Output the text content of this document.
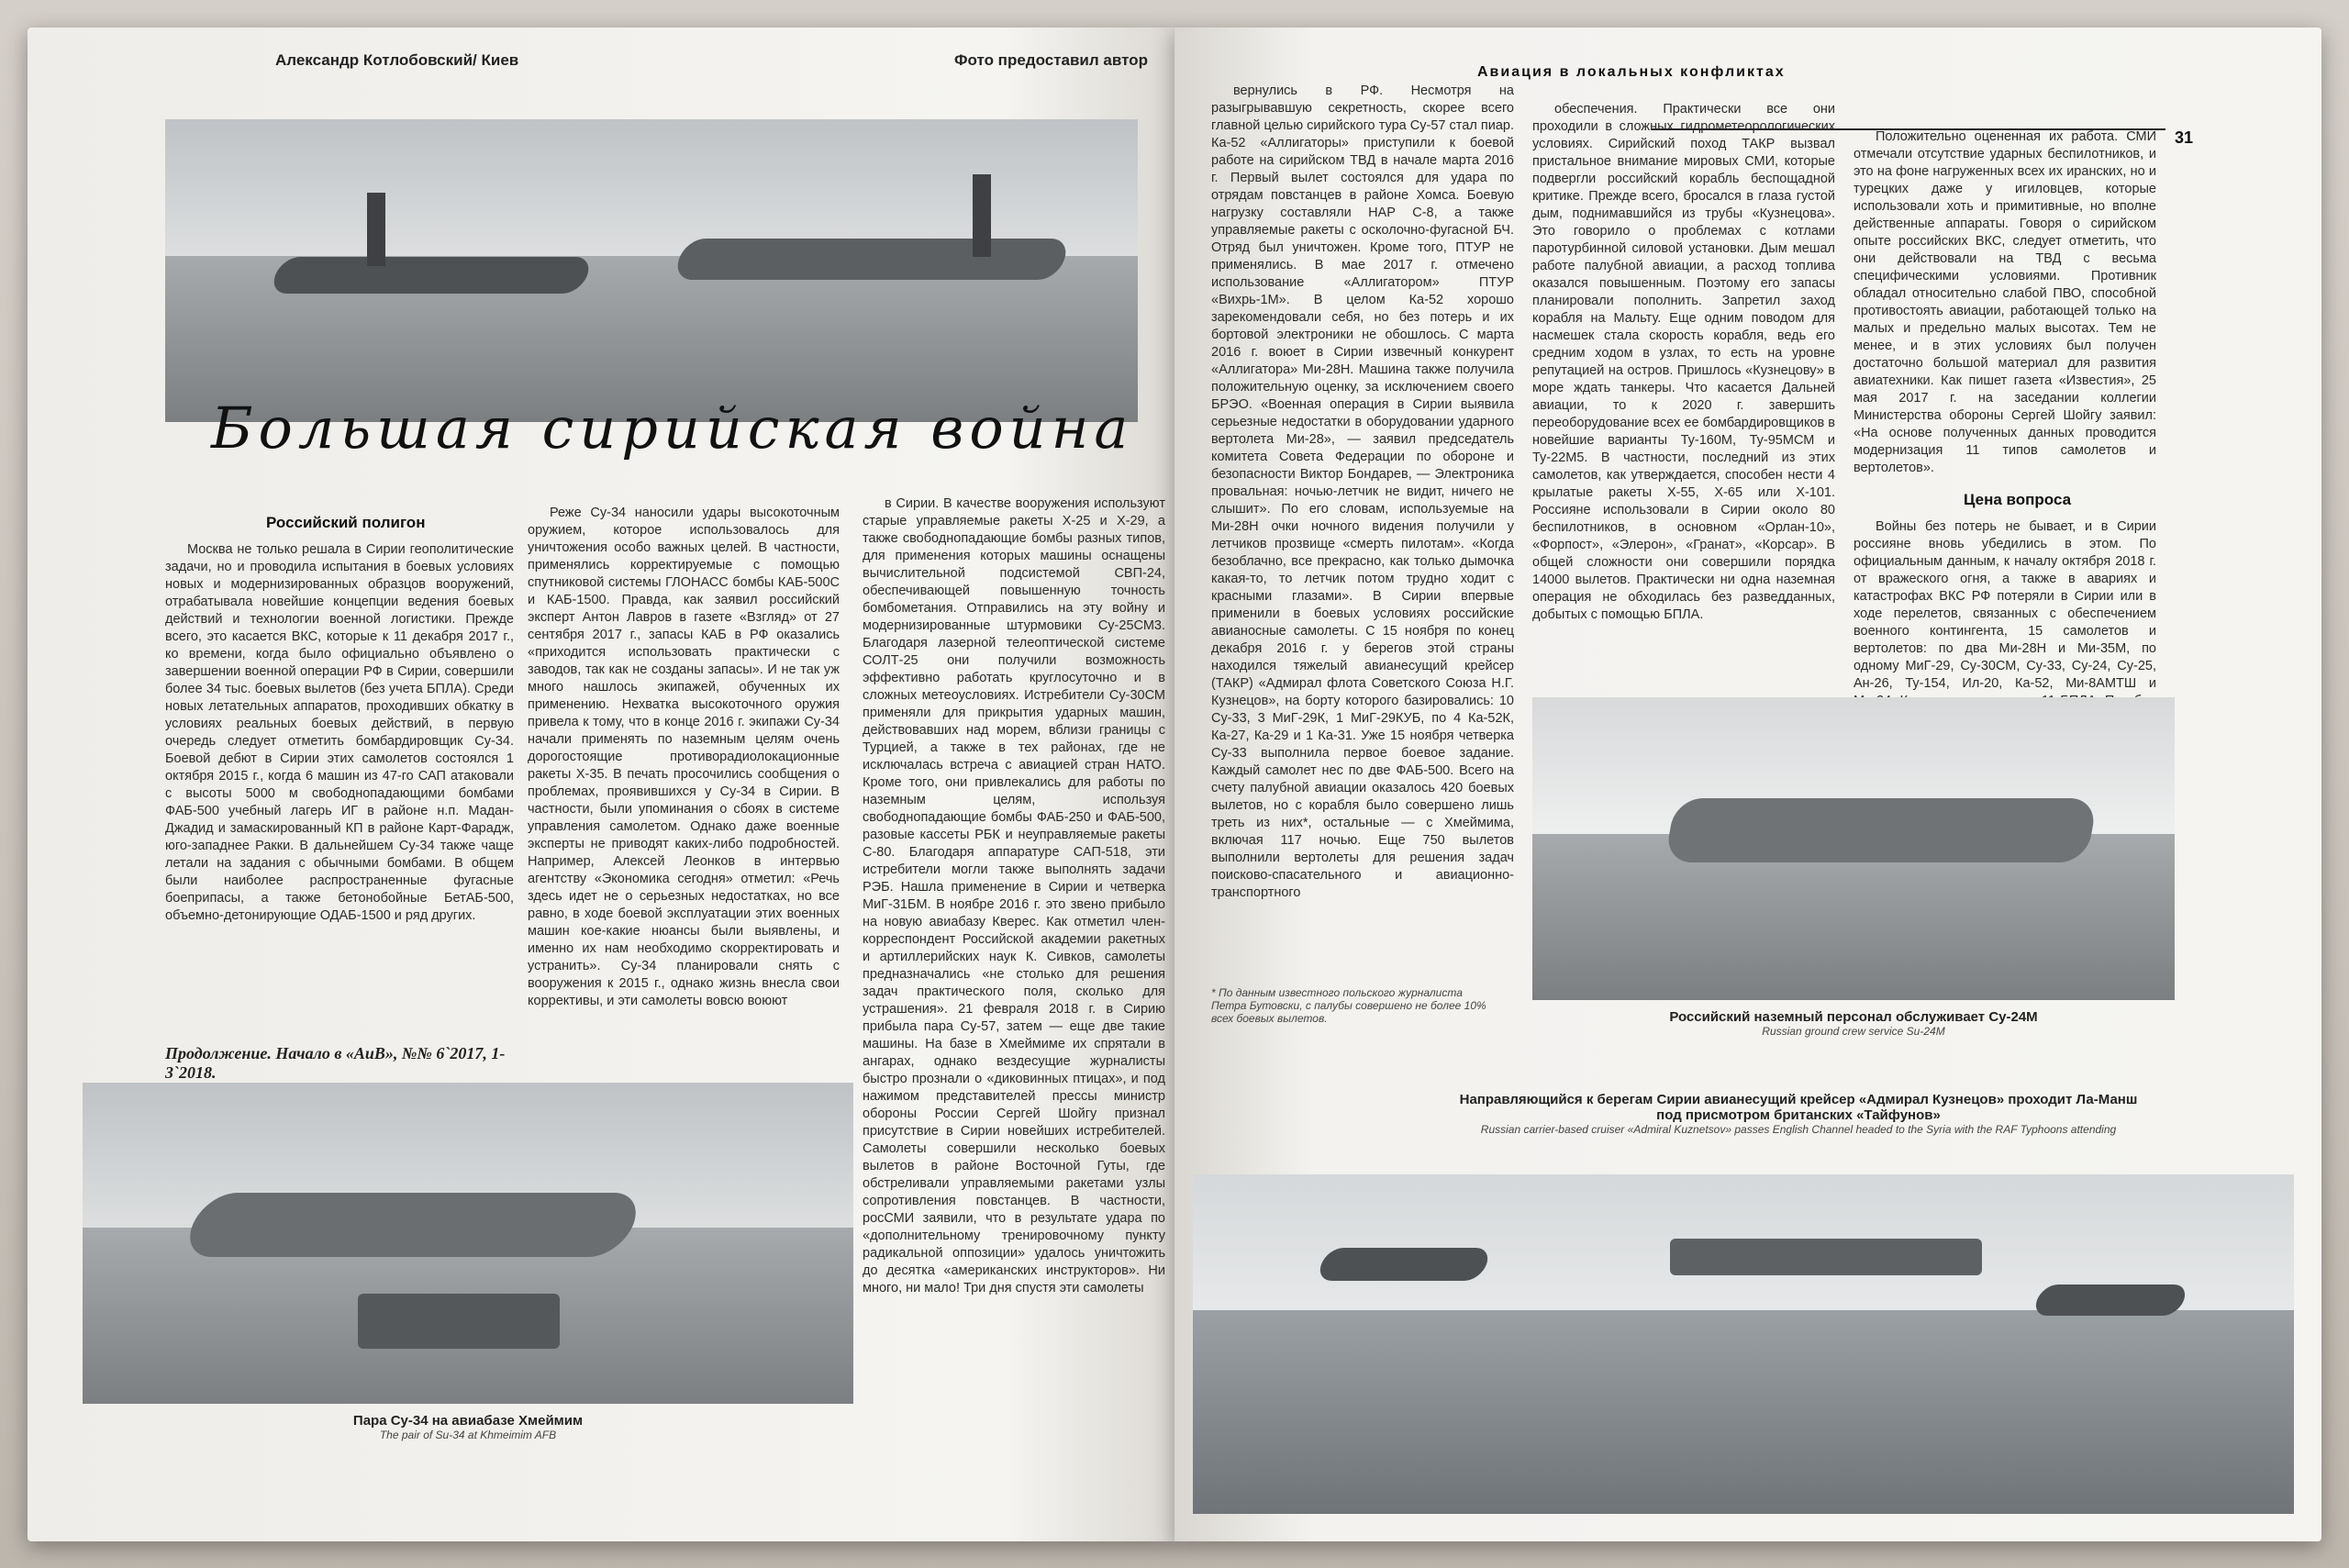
Александр Котлобовский/ Киев	Фото предоставил автор
Большая сирийская война
Российский полигон

Москва не только решала в Сирии геополитические задачи, но и проводила испытания в боевых условиях новых и модернизированных образцов вооружений, отрабатывала новейшие концепции ведения боевых действий и технологии военной логистики. Прежде всего, это касается ВКС, которые к 11 декабря 2017 г., ко времени, когда было официально объявлено о завершении военной операции РФ в Сирии, совершили более 34 тыс. боевых вылетов (без учета БПЛА). Среди новых летательных аппаратов, проходивших обкатку в условиях реальных боевых действий, в первую очередь следует отметить бомбардировщик Су-34. Боевой дебют в Сирии этих самолетов состоялся 1 октября 2015 г., когда 6 машин из 47-го САП атаковали с высоты 5000 м свободнопадающими бомбами ФАБ-500 учебный лагерь ИГ в районе н.п. Мадан-Джадид и замаскированный КП в районе Карт-Фарадж, юго-западнее Ракки. В дальнейшем Су-34 также чаще летали на задания с обычными бомбами. В общем были наиболее распространенные фугасные боеприпасы, а также бетонобойные БетАБ-500, объемно-детонирующие ОДАБ-1500 и ряд других.

Продолжение. Начало в «АиВ», №№ 6`2017, 1-3`2018.

Реже Су-34 наносили удары высокоточным оружием, которое использовалось для уничтожения особо важных целей. В частности, применялись корректируемые с помощью спутниковой системы ГЛОНАСС бомбы КАБ-500С и КАБ-1500. Правда, как заявил российский эксперт Антон Лавров в газете «Взгляд» от 27 сентября 2017 г., запасы КАБ в РФ оказались «приходится использовать практически с заводов, так как не созданы запасы». И не так уж много нашлось экипажей, обученных их применению. Нехватка высокоточного оружия привела к тому, что в конце 2016 г. экипажи Су-34 начали применять по наземным целям очень дорогостоящие противорадиолокационные ракеты Х-35. В печать просочились сообщения о проблемах, проявившихся у Су-34 в Сирии. В частности, были упоминания о сбоях в системе управления самолетом. Однако даже военные эксперты не приводят каких-либо подробностей. Например, Алексей Леонков в интервью агентству «Экономика сегодня» отметил: «Речь здесь идет не о серьезных недостатках, но все равно, в ходе боевой эксплуатации этих военных машин кое-какие нюансы были выявлены, и именно их нам необходимо скорректировать и устранить». Су-34 планировали снять с вооружения к 2015 г., однако жизнь внесла свои коррективы, и эти самолеты вовсю воюют

в Сирии. В качестве вооружения используют старые управляемые ракеты Х-25 и Х-29, а также свободнопадающие бомбы разных типов, для применения которых машины оснащены вычислительной подсистемой СВП-24, обеспечивающей повышенную точность бомбометания. Отправились на эту войну и модернизированные штурмовики Су-25СМ3. Благодаря лазерной телеоптической системе СОЛТ-25 они получили возможность эффективно работать круглосуточно и в сложных метеоусловиях. Истребители Су-30СМ применяли для прикрытия ударных машин, действовавших над морем, вблизи границы с Турцией, а также в тех районах, где не исключалась встреча с авиацией стран НАТО. Кроме того, они привлекались для работы по наземным целям, используя свободнопадающие бомбы ФАБ-250 и ФАБ-500, разовые кассеты РБК и неуправляемые ракеты С-80. Благодаря аппаратуре САП-518, эти истребители могли также выполнять задачи РЭБ. Нашла применение в Сирии и четверка МиГ-31БМ. В ноябре 2016 г. это звено прибыло на новую авиабазу Кверес. Как отметил член-корреспондент Российской академии ракетных и артиллерийских наук К. Сивков, самолеты предназначались «не столько для решения задач практического поля, сколько для устрашения». 21 февраля 2018 г. в Сирию прибыла пара Су-57, затем — еще две такие машины. На базе в Хмеймиме их спрятали в ангарах, однако вездесущие журналисты быстро прознали о «диковинных птицах», и под нажимом представителей прессы министр обороны России Сергей Шойгу признал присутствие в Сирии новейших истребителей. Самолеты совершили несколько боевых вылетов в районе Восточной Гуты, где обстреливали управляемыми ракетами узлы сопротивления повстанцев. В частности, росСМИ заявили, что в результате удара по «дополнительному тренировочному пункту радикальной оппозиции» удалось уничтожить до десятка «американских инструкторов». Ни много, ни мало! Три дня спустя эти самолеты

Пара Су-34 на авиабазе Хмеймим
The pair of Su-34 at Khmeimim AFB
Авиация в локальных конфликтах
31

вернулись в РФ. Несмотря на разыгрывавшую секретность, скорее всего главной целью сирийского тура Су-57 стал пиар. Ка-52 «Аллигаторы» приступили к боевой работе на сирийском ТВД в начале марта 2016 г. Первый вылет состоялся для удара по отрядам повстанцев в районе Хомса. Боевую нагрузку составляли НАР С-8, а также управляемые ракеты с осколочно-фугасной БЧ. Отряд был уничтожен. Кроме того, ПТУР не применялись. В мае 2017 г. отмечено использование «Аллигатором» ПТУР «Вихрь-1М». В целом Ка-52 хорошо зарекомендовали себя, но без потерь и их бортовой электроники не обошлось. С марта 2016 г. воюет в Сирии извечный конкурент «Аллигатора» Ми-28Н. Машина также получила положительную оценку, за исключением своего БРЭО. «Военная операция в Сирии выявила серьезные недостатки в оборудовании ударного вертолета Ми-28», — заявил председатель комитета Совета Федерации по обороне и безопасности Виктор Бондарев, — Электроника провальная: ночью-летчик не видит, ничего не слышит». По его словам, используемые на Ми-28Н очки ночного видения получили у летчиков прозвище «смерть пилотам». «Когда безоблачно, все прекрасно, как только дымочка какая-то, то летчик потом трудно ходит с красными глазами». В Сирии впервые применили в боевых условиях российские авианосные самолеты. С 15 ноября по конец декабря 2016 г. у берегов этой страны находился тяжелый авианесущий крейсер (ТАКР) «Адмирал флота Советского Союза Н.Г. Кузнецов», на борту которого базировались: 10 Су-33, 3 МиГ-29К, 1 МиГ-29КУБ, по 4 Ка-52К, Ка-27, Ка-29 и 1 Ка-31. Уже 15 ноября четверка Су-33 выполнила первое боевое задание. Каждый самолет нес по две ФАБ-500. Всего на счету палубной авиации оказалось 420 боевых вылетов, но с корабля было совершено лишь треть из них*, остальные — с Хмеймима, включая 117 ночью. Еще 750 вылетов выполнили вертолеты для решения задач поисково-спасательного и авиационно-транспортного

обеспечения. Практически все они проходили в сложных гидрометеорологических условиях. Сирийский поход ТАКР вызвал пристальное внимание мировых СМИ, которые подвергли российский корабль беспощадной критике. Прежде всего, бросался в глаза густой дым, поднимавшийся из трубы «Кузнецова». Это говорило о проблемах с котлами паротурбинной силовой установки. Дым мешал работе палубной авиации, а расход топлива оказался повышенным. Поэтому его запасы планировали пополнить. Запретил заход корабля на Мальту. Еще одним поводом для насмешек стала скорость корабля, ведь его средним ходом в узлах, то есть на уровне репутацией на остров. Пришлось «Кузнецову» в море ждать танкеры. Что касается Дальней авиации, то к 2020 г. завершить переоборудование всех ее бомбардировщиков в новейшие варианты Ту-160М, Ту-95МСМ и Ту-22М5. В частности, последний из этих самолетов, как утверждается, способен нести 4 крылатые ракеты Х-55, Х-65 или Х-101. Россияне использовали в Сирии около 80 беспилотников, в основном «Орлан-10», «Форпост», «Элерон», «Гранат», «Корсар». В общей сложности они совершили порядка 14000 вылетов. Практически ни одна наземная операция не обходилась без разведданных, добытых с помощью БПЛА.

Положительно оцененная их работа. СМИ отмечали отсутствие ударных беспилотников, и это на фоне нагруженных всех их иранских, но и турецких даже у игиловцев, которые использовали хоть и примитивные, но вполне действенные аппараты. Говоря о сирийском опыте российских ВКС, следует отметить, что они действовали на ТВД с весьма специфическими условиями. Противник обладал относительно слабой ПВО, способной противостоять авиации, работающей только на малых и предельно малых высотах. Тем не менее, и в этих условиях был получен достаточно большой материал для развития авиатехники. Как пишет газета «Известия», 25 мая 2017 г. на заседании коллегии Министерства обороны Сергей Шойгу заявил: «На основе полученных данных проводится модернизация 11 типов самолетов и вертолетов».

Цена вопроса

Войны без потерь не бывает, и в Сирии россияне вновь убедились в этом. По официальным данным, к началу октября 2018 г. от вражеского огня, а также в авариях и катастрофах ВКС РФ потеряли в Сирии или в ходе перелетов, связанных с обеспечением военного контингента, 15 самолетов и вертолетов: по два Ми-28Н и Ми-35М, по одному МиГ-29, Су-30СМ, Су-33, Су-24, Су-25, Ан-26, Ту-154, Ил-20, Ка-52, Ми-8АМТШ и

* По данным известного польского журналиста Петра Бутовски, с палубы совершено не более 10% всех боевых вылетов.	Российский наземный персонал обслуживает Су-24М
Russian ground crew service Su-24M
Направляющийся к берегам Сирии авианесущий крейсер «Адмирал Кузнецов» проходит Ла-Манш под присмотром британских «Тайфунов»
Russian carrier-based cruiser «Admiral Kuznetsov» passes English Channel headed to the Syria with the RAF Typhoons attending
